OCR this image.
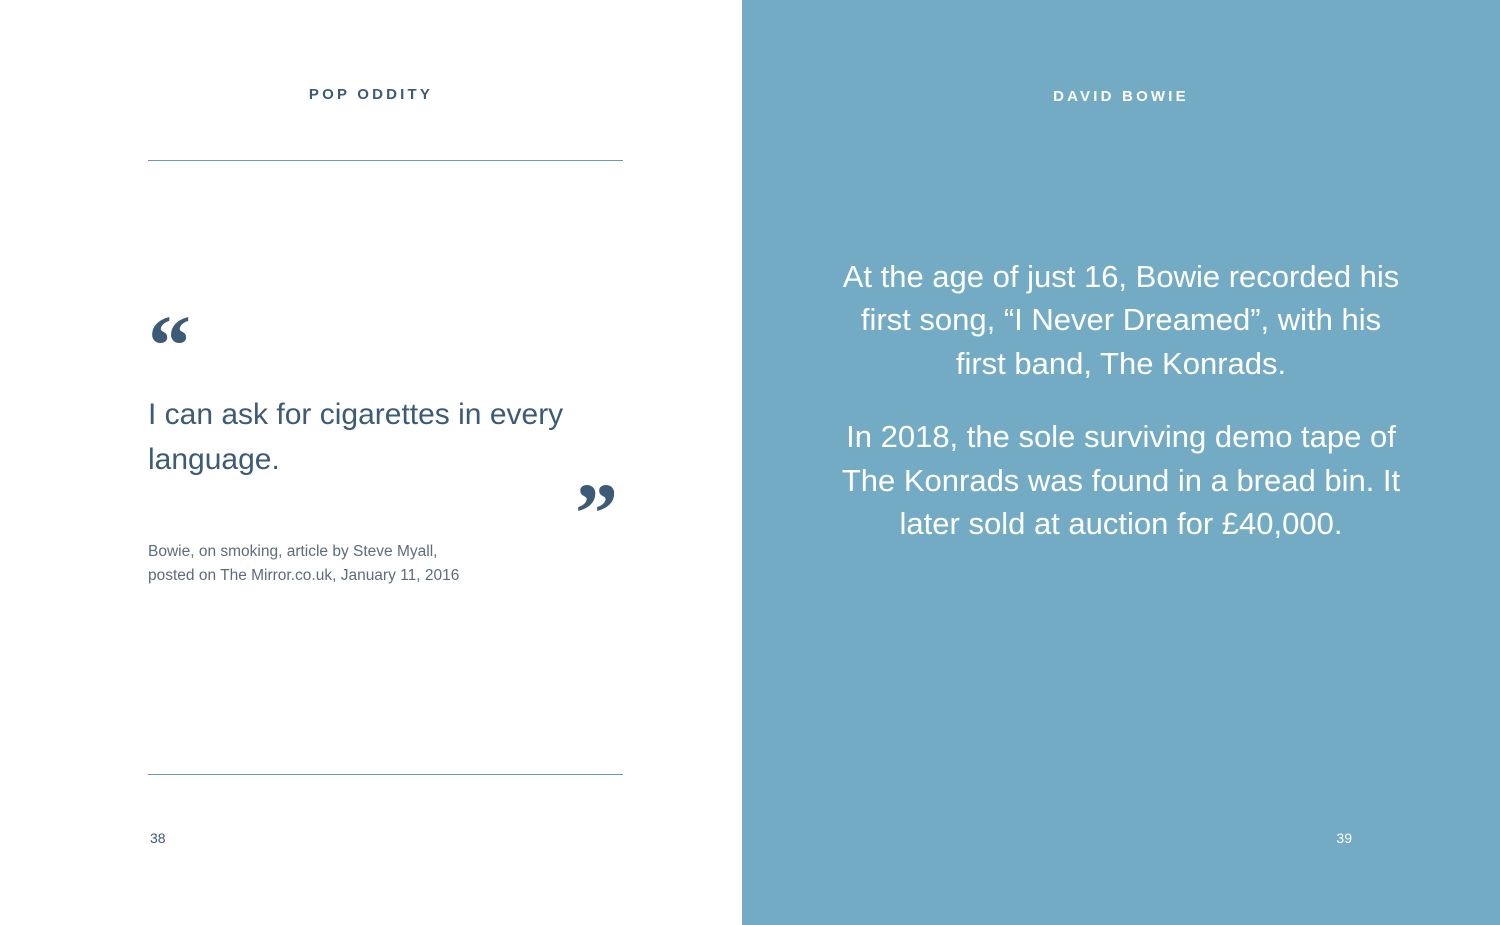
POP ODDITY
“
I can ask for cigarettes in every language.
”
Bowie, on smoking, article by Steve Myall,
posted on The Mirror.co.uk, January 11, 2016
38
DAVID BOWIE

At the age of just 16, Bowie recorded his first song, “I Never Dreamed”, with his first band, The Konrads.

In 2018, the sole surviving demo tape of The Konrads was found in a bread bin. It later sold at auction for £40,000.

39
